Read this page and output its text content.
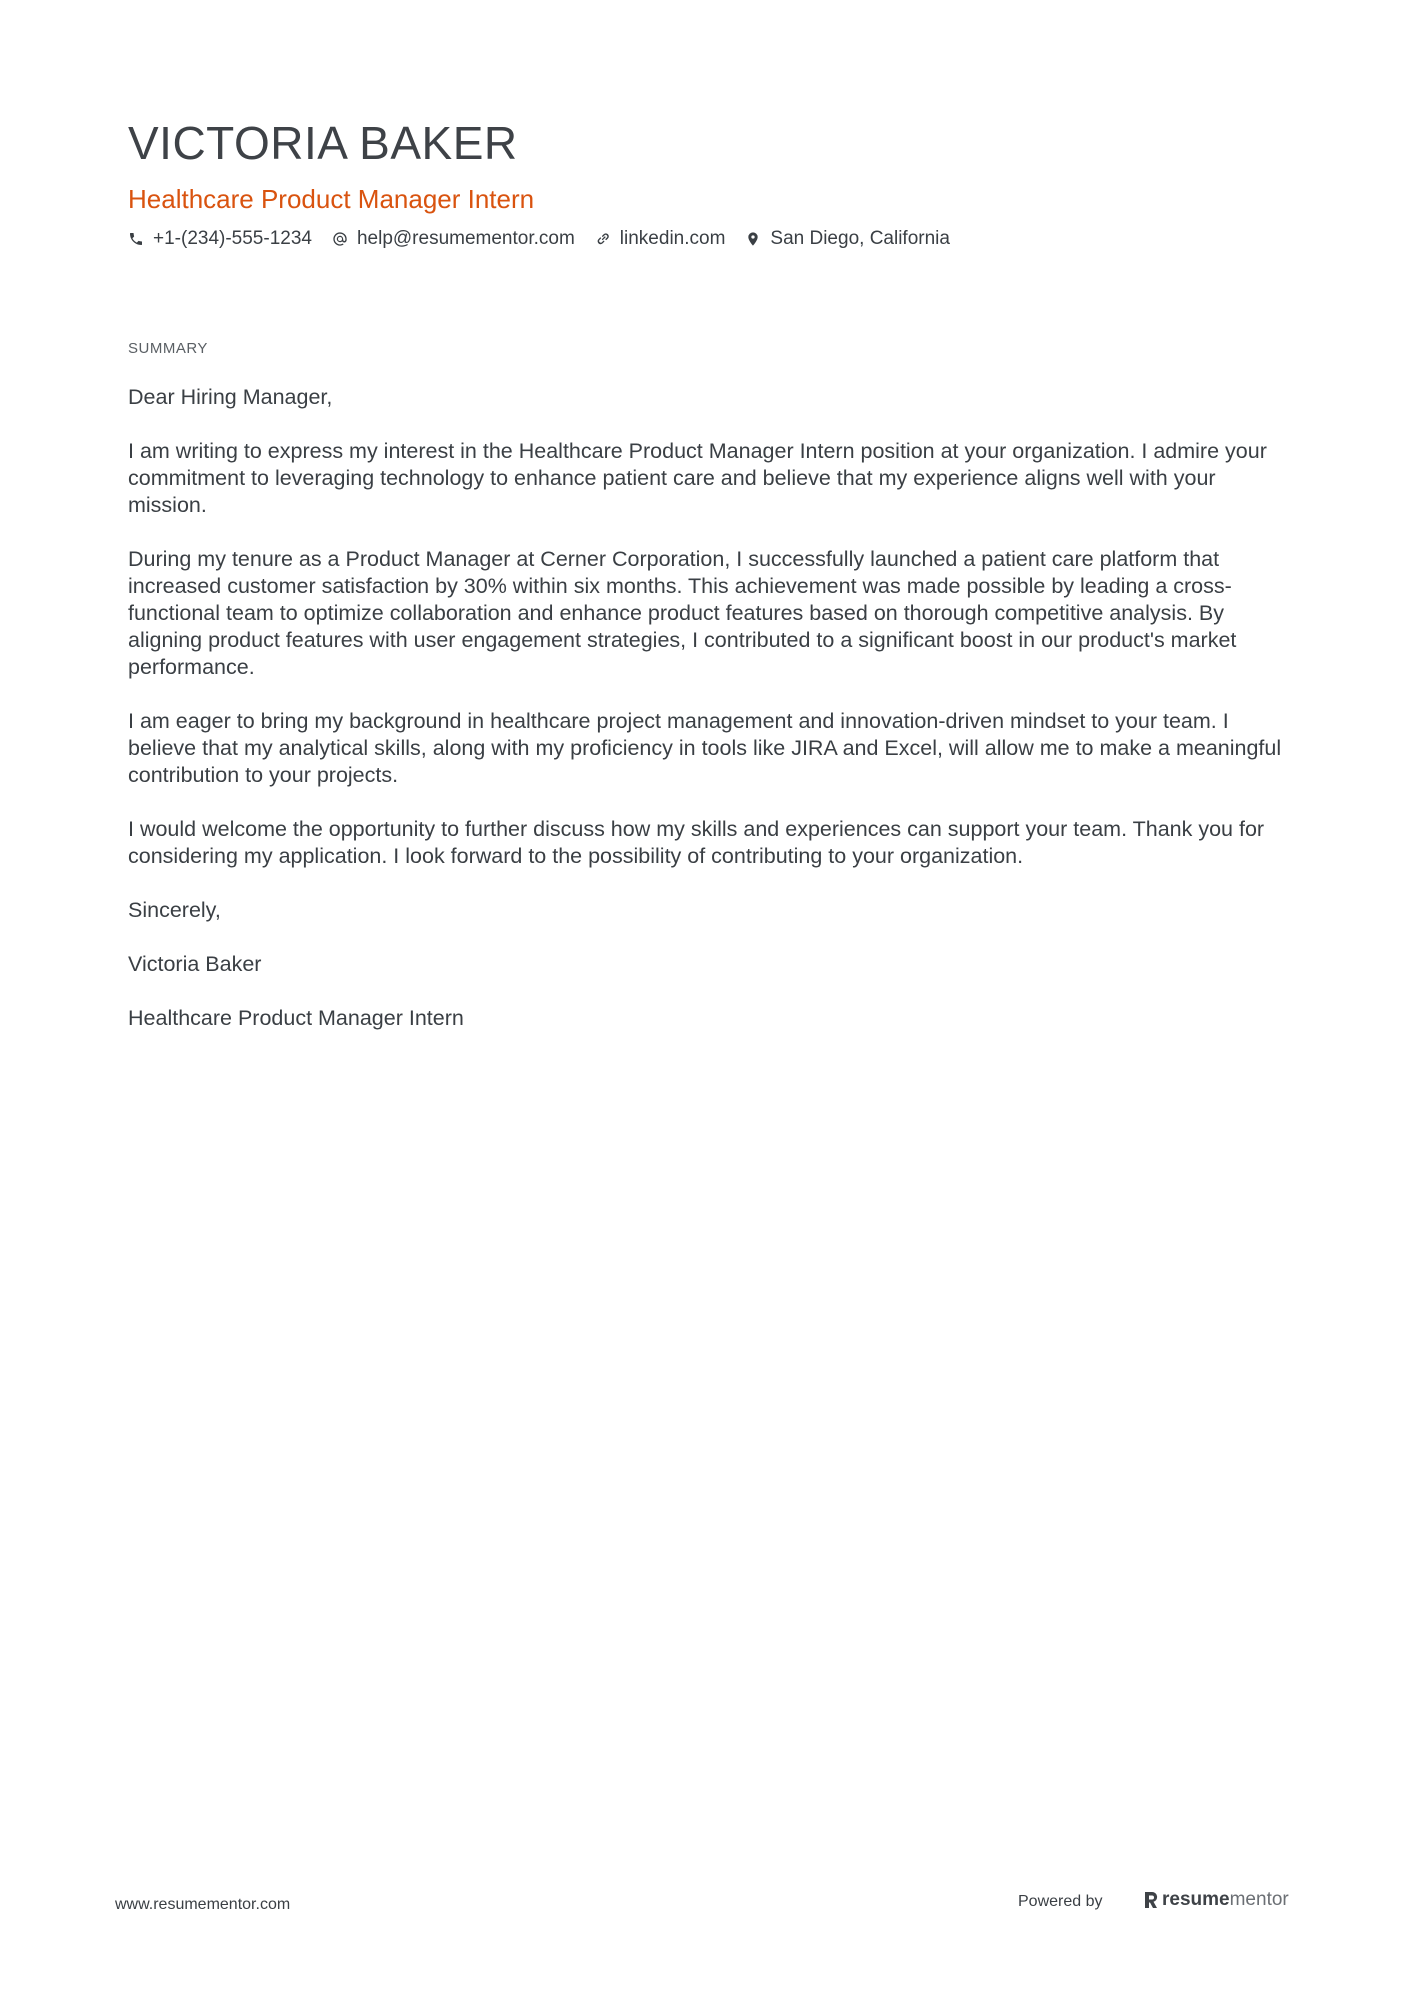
VICTORIA BAKER
Healthcare Product Manager Intern
+1-(234)-555-1234 help@resumementor.com linkedin.com San Diego, California
SUMMARY

Dear Hiring Manager,

I am writing to express my interest in the Healthcare Product Manager Intern position at your organization. I admire your commitment to leveraging technology to enhance patient care and believe that my experience aligns well with your mission.

During my tenure as a Product Manager at Cerner Corporation, I successfully launched a patient care platform that increased customer satisfaction by 30% within six months. This achievement was made possible by leading a cross-functional team to optimize collaboration and enhance product features based on thorough competitive analysis. By aligning product features with user engagement strategies, I contributed to a significant boost in our product's market performance.

I am eager to bring my background in healthcare project management and innovation-driven mindset to your team. I believe that my analytical skills, along with my proficiency in tools like JIRA and Excel, will allow me to make a meaningful contribution to your projects.

I would welcome the opportunity to further discuss how my skills and experiences can support your team. Thank you for considering my application. I look forward to the possibility of contributing to your organization.

Sincerely,

Victoria Baker

Healthcare Product Manager Intern

www.resumementor.com	Powered by	resume mentor
